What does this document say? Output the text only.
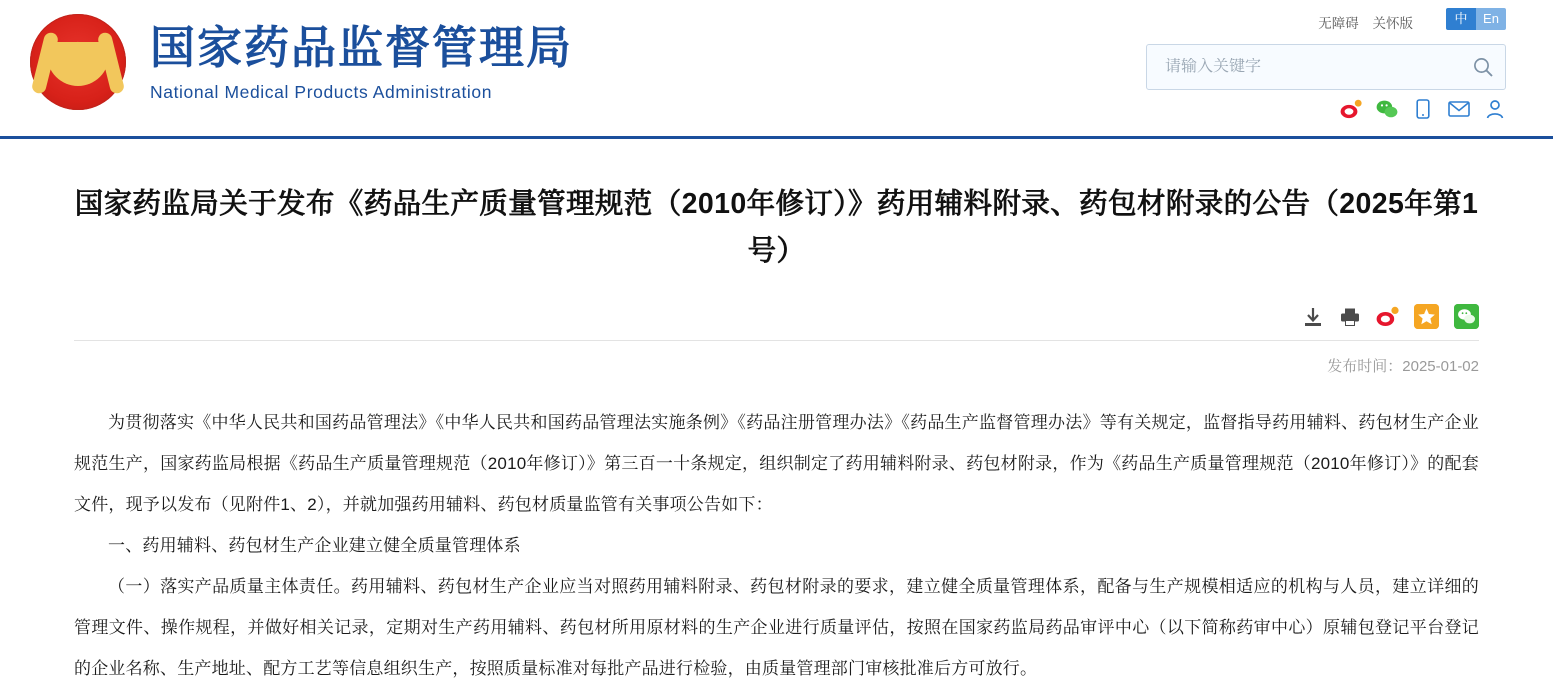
国家药品监督管理局
National Medical Products Administration
无障碍 关怀版	中	En
请输入关键字
国家药监局关于发布《药品生产质量管理规范（2010年修订）》药用辅料附录、药包材附录的公告（2025年第1号）
发布时间：2025-01-02

为贯彻落实《中华人民共和国药品管理法》《中华人民共和国药品管理法实施条例》《药品注册管理办法》《药品生产监督管理办法》等有关规定，监督指导药用辅料、药包材生产企业规范生产，国家药监局根据《药品生产质量管理规范（2010年修订）》第三百一十条规定，组织制定了药用辅料附录、药包材附录，作为《药品生产质量管理规范（2010年修订）》的配套文件，现予以发布（见附件1、2），并就加强药用辅料、药包材质量监管有关事项公告如下：

一、药用辅料、药包材生产企业建立健全质量管理体系

（一）落实产品质量主体责任。药用辅料、药包材生产企业应当对照药用辅料附录、药包材附录的要求，建立健全质量管理体系，配备与生产规模相适应的机构与人员，建立详细的管理文件、操作规程，并做好相关记录，定期对生产药用辅料、药包材所用原材料的生产企业进行质量评估，按照在国家药监局药品审评中心（以下简称药审中心）原辅包登记平台登记的企业名称、生产地址、配方工艺等信息组织生产，按照质量标准对每批产品进行检验，由质量管理部门审核批准后方可放行。
